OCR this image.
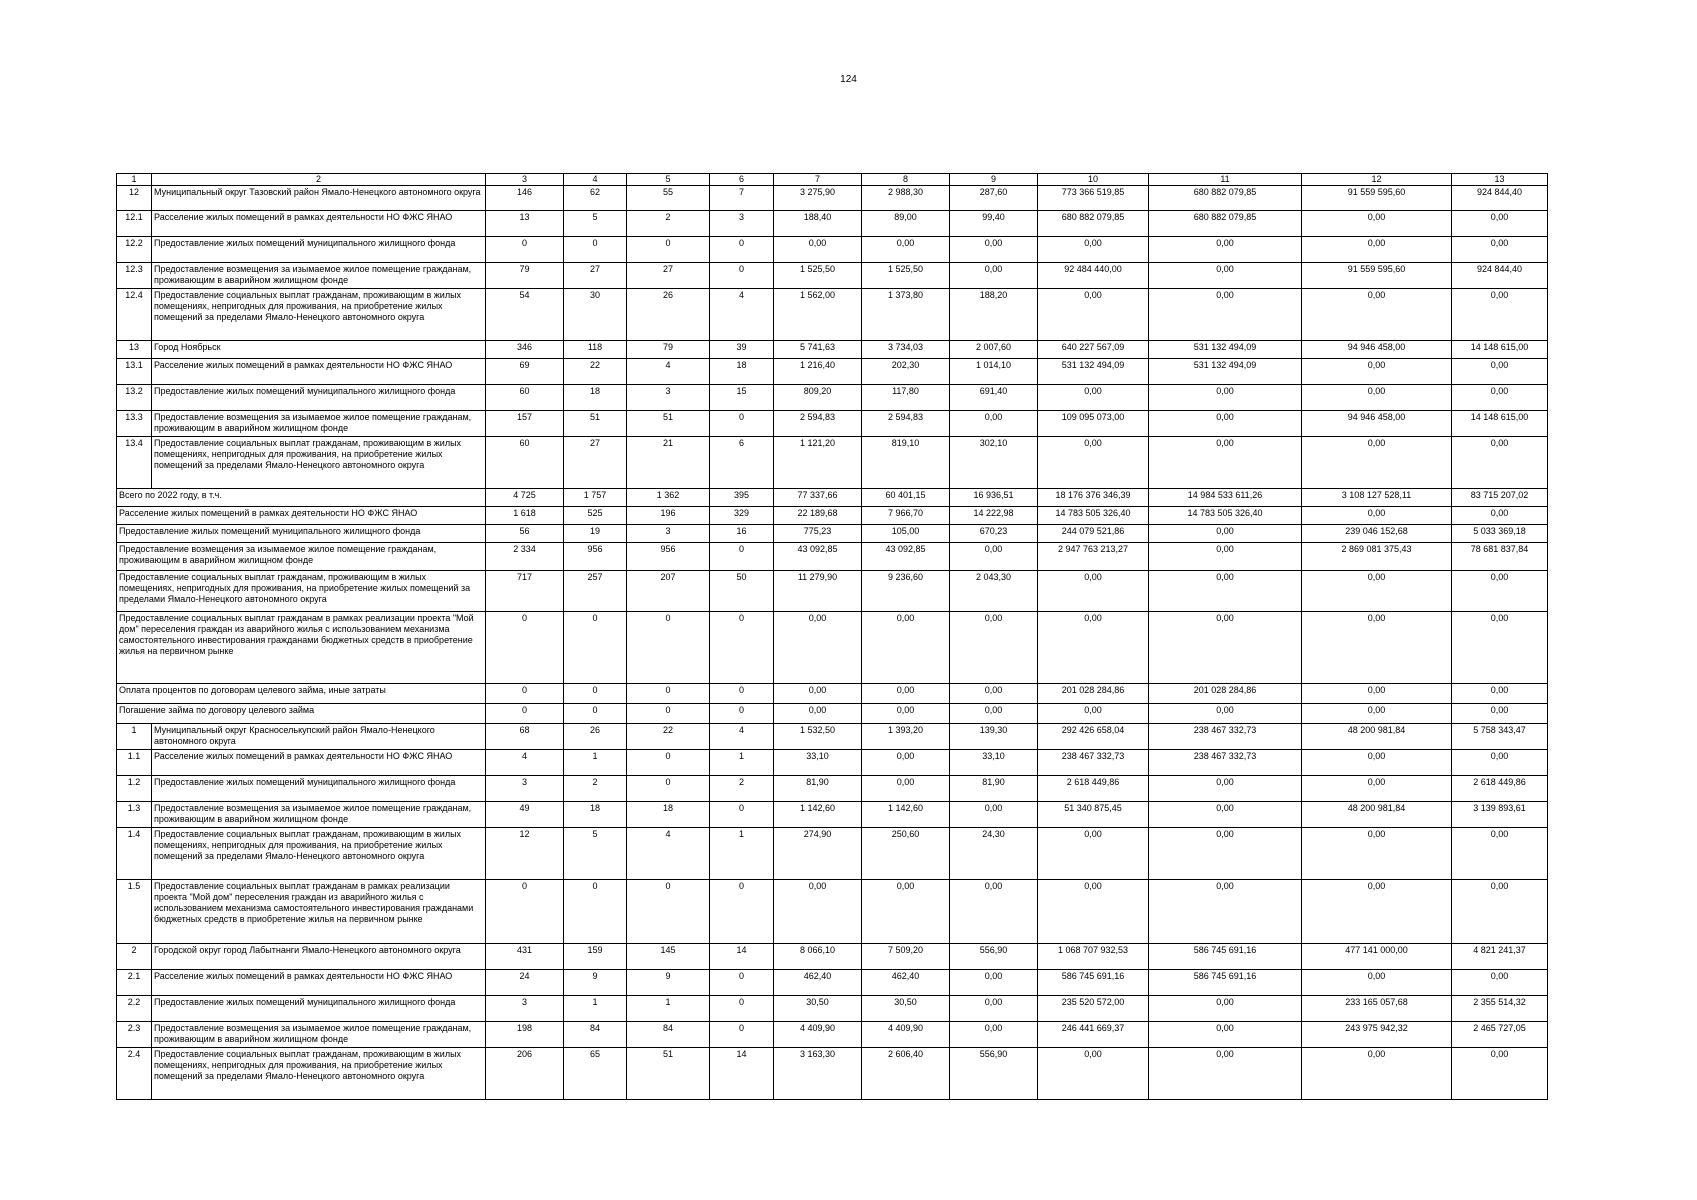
124
1	2	3	4	5	6	7	8	9	10	11	12	13
12	Муниципальный округ Тазовский район Ямало-Ненецкого автономного округа	146	62	55	7	3 275,90	2 988,30	287,60	773 366 519,85	680 882 079,85	91 559 595,60	924 844,40
12.1	Расселение жилых помещений в рамках деятельности НО ФЖС ЯНАО	13	5	2	3	188,40	89,00	99,40	680 882 079,85	680 882 079,85	0,00	0,00
12.2	Предоставление жилых помещений муниципального жилищного фонда	0	0	0	0	0,00	0,00	0,00	0,00	0,00	0,00	0,00
12.3	Предоставление возмещения за изымаемое жилое помещение гражданам, проживающим в аварийном жилищном фонде	79	27	27	0	1 525,50	1 525,50	0,00	92 484 440,00	0,00	91 559 595,60	924 844,40
12.4	Предоставление социальных выплат гражданам, проживающим в жилых помещениях, непригодных для проживания, на приобретение жилых помещений за пределами Ямало-Ненецкого автономного округа	54	30	26	4	1 562,00	1 373,80	188,20	0,00	0,00	0,00	0,00
13	Город Ноябрьск	346	118	79	39	5 741,63	3 734,03	2 007,60	640 227 567,09	531 132 494,09	94 946 458,00	14 148 615,00
13.1	Расселение жилых помещений в рамках деятельности НО ФЖС ЯНАО	69	22	4	18	1 216,40	202,30	1 014,10	531 132 494,09	531 132 494,09	0,00	0,00
13.2	Предоставление жилых помещений муниципального жилищного фонда	60	18	3	15	809,20	117,80	691,40	0,00	0,00	0,00	0,00
13.3	Предоставление возмещения за изымаемое жилое помещение гражданам, проживающим в аварийном жилищном фонде	157	51	51	0	2 594,83	2 594,83	0,00	109 095 073,00	0,00	94 946 458,00	14 148 615,00
13.4	Предоставление социальных выплат гражданам, проживающим в жилых помещениях, непригодных для проживания, на приобретение жилых помещений за пределами Ямало-Ненецкого автономного округа	60	27	21	6	1 121,20	819,10	302,10	0,00	0,00	0,00	0,00
Всего по 2022 году, в т.ч.		4 725	1 757	1 362	395	77 337,66	60 401,15	16 936,51	18 176 376 346,39	14 984 533 611,26	3 108 127 528,11	83 715 207,02
Расселение жилых помещений в рамках деятельности НО ФЖС ЯНАО		1 618	525	196	329	22 189,68	7 966,70	14 222,98	14 783 505 326,40	14 783 505 326,40	0,00	0,00
Предоставление жилых помещений муниципального жилищного фонда		56	19	3	16	775,23	105,00	670,23	244 079 521,86	0,00	239 046 152,68	5 033 369,18
Предоставление возмещения за изымаемое жилое помещение гражданам, проживающим в аварийном жилищном фонде		2 334	956	956	0	43 092,85	43 092,85	0,00	2 947 763 213,27	0,00	2 869 081 375,43	78 681 837,84
Предоставление социальных выплат гражданам, проживающим в жилых помещениях, непригодных для проживания, на приобретение жилых помещений за пределами Ямало-Ненецкого автономного округа		717	257	207	50	11 279,90	9 236,60	2 043,30	0,00	0,00	0,00	0,00
Предоставление социальных выплат гражданам в рамках реализации проекта "Мой дом" переселения граждан из аварийного жилья с использованием механизма самостоятельного инвестирования гражданами бюджетных средств в приобретение жилья на первичном рынке		0	0	0	0	0,00	0,00	0,00	0,00	0,00	0,00	0,00
Оплата процентов по договорам целевого займа, иные затраты		0	0	0	0	0,00	0,00	0,00	201 028 284,86	201 028 284,86	0,00	0,00
Погашение займа по договору целевого займа		0	0	0	0	0,00	0,00	0,00	0,00	0,00	0,00	0,00
1	Муниципальный округ Красноселькупский район Ямало-Ненецкого автономного округа	68	26	22	4	1 532,50	1 393,20	139,30	292 426 658,04	238 467 332,73	48 200 981,84	5 758 343,47
1.1	Расселение жилых помещений в рамках деятельности НО ФЖС ЯНАО	4	1	0	1	33,10	0,00	33,10	238 467 332,73	238 467 332,73	0,00	0,00
1.2	Предоставление жилых помещений муниципального жилищного фонда	3	2	0	2	81,90	0,00	81,90	2 618 449,86	0,00	0,00	2 618 449,86
1.3	Предоставление возмещения за изымаемое жилое помещение гражданам, проживающим в аварийном жилищном фонде	49	18	18	0	1 142,60	1 142,60	0,00	51 340 875,45	0,00	48 200 981,84	3 139 893,61
1.4	Предоставление социальных выплат гражданам, проживающим в жилых помещениях, непригодных для проживания, на приобретение жилых помещений за пределами Ямало-Ненецкого автономного округа	12	5	4	1	274,90	250,60	24,30	0,00	0,00	0,00	0,00
1.5	Предоставление социальных выплат гражданам в рамках реализации проекта "Мой дом" переселения граждан из аварийного жилья с использованием механизма самостоятельного инвестирования гражданами бюджетных средств в приобретение жилья на первичном рынке	0	0	0	0	0,00	0,00	0,00	0,00	0,00	0,00	0,00
2	Городской округ город Лабытнанги Ямало-Ненецкого автономного округа	431	159	145	14	8 066,10	7 509,20	556,90	1 068 707 932,53	586 745 691,16	477 141 000,00	4 821 241,37
2.1	Расселение жилых помещений в рамках деятельности НО ФЖС ЯНАО	24	9	9	0	462,40	462,40	0,00	586 745 691,16	586 745 691,16	0,00	0,00
2.2	Предоставление жилых помещений муниципального жилищного фонда	3	1	1	0	30,50	30,50	0,00	235 520 572,00	0,00	233 165 057,68	2 355 514,32
2.3	Предоставление возмещения за изымаемое жилое помещение гражданам, проживающим в аварийном жилищном фонде	198	84	84	0	4 409,90	4 409,90	0,00	246 441 669,37	0,00	243 975 942,32	2 465 727,05
2.4	Предоставление социальных выплат гражданам, проживающим в жилых помещениях, непригодных для проживания, на приобретение жилых помещений за пределами Ямало-Ненецкого автономного округа	206	65	51	14	3 163,30	2 606,40	556,90	0,00	0,00	0,00	0,00
